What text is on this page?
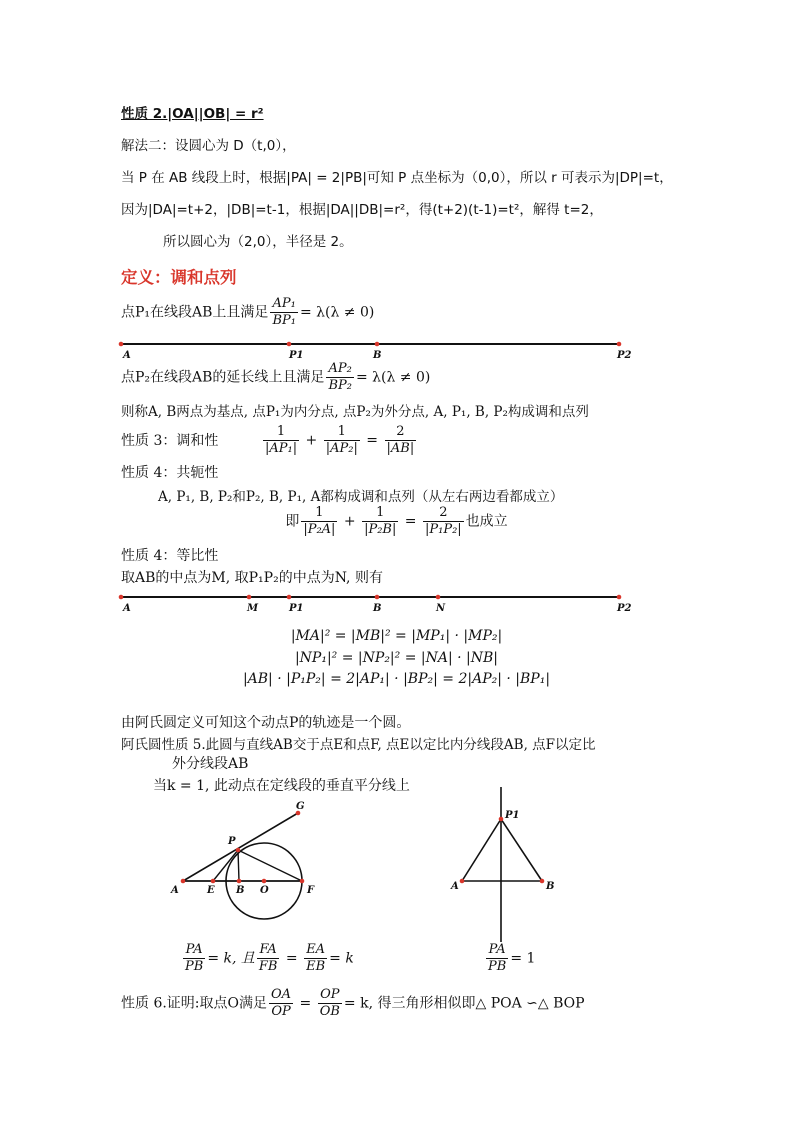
性质 2.|OA||OB| = r²
解法二：设圆心为 D（t,0），
当 P 在 AB 线段上时，根据|PA| = 2|PB|可知 P 点坐标为（0,0），所以 r 可表示为|DP|=t，
因为|DA|=t+2，|DB|=t-1，根据|DA||DB|=r²，得(t+2)(t-1)=t²，解得 t=2，
所以圆心为（2,0），半径是 2。
定义：调和点列
点P₁在线段AB上且满足 $\frac{\text{AP₁}}{\text{BP₁}} = \lambda(\lambda \ne 0)$
A	P1	B	P2
点P₂在线段AB的延长线上且满足 $\frac{\text{AP₂}}{\text{BP₂}} = \lambda(\lambda \ne 0)$
则称A, B两点为基点, 点P₁为内分点, 点P₂为外分点, A, P₁, B, P₂构成调和点列
性质 3：调和性	$\frac{1}{\text{|AP₁|}} + \frac{1}{\text{|AP₂|}} = \frac{2}{|AB|}$
性质 4：共轭性
A, P₁, B, P₂和P₂, B, P₁, A都构成调和点列（从左右两边看都成立）
即 $\frac{1}{\text{|P₂A|}} + \frac{1}{\text{|P₂B|}} = \frac{2}{\text{|P₁P₂|}}$ 也成立
性质 4：等比性
取AB的中点为M, 取P₁P₂的中点为N, 则有
A	M	P1	B	N	P2
|MA|² = |MB|² = |MP₁| · |MP₂|
|NP₁|² = |NP₂|² = |NA| · |NB|
|AB| · |P₁P₂| = 2|AP₁| · |BP₂| = 2|AP₂| · |BP₁|
由阿氏圆定义可知这个动点P的轨迹是一个圆。
阿氏圆性质 5.此圆与直线AB交于点E和点F, 点E以定比内分线段AB, 点F以定比
外分线段AB
当k = 1, 此动点在定线段的垂直平分线上
G
P
A	E B O	F
P1
A	B
$\frac{PA}{PB} = k$, 且 $\frac{FA}{FB} = \frac{EA}{EB} = k$	$\frac{PA}{PB} = 1$
性质 6.证明:取点O满足 $\frac{OA}{OP} = \frac{OP}{OB} = k$, 得三角形相似即△ POA ∽△ BOP
